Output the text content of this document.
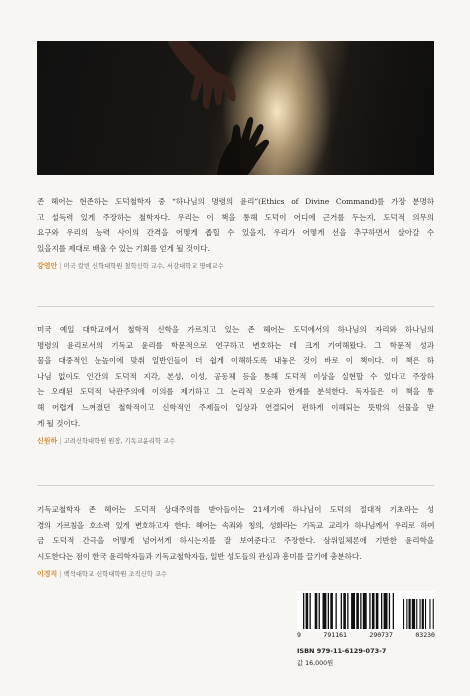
존 헤어는 현존하는 도덕철학자 중 “하나님의 명령의 윤리”(Ethics of Divine Command)를 가장 분명하
고 설득력 있게 주장하는 철학자다. 우리는 이 책을 통해 도덕이 어디에 근거를 두는지, 도덕적 의무의
요구와 우리의 능력 사이의 간격을 어떻게 좁힐 수 있을지, 우리가 어떻게 선을 추구하면서 살아갈 수
있을지를 제대로 배울 수 있는 기회를 얻게 될 것이다.

강영안 | 미국 칼빈 신학대학원 철학신학 교수, 서강대학교 명예교수

미국 예일 대학교에서 철학적 신학을 가르치고 있는 존 헤어는 도덕에서의 하나님의 자리와 하나님의
명령의 윤리로서의 기독교 윤리를 학문적으로 연구하고 변호하는 데 크게 기여해왔다. 그 학문적 성과
물을 대중적인 눈높이에 맞춰 일반인들이 더 쉽게 이해하도록 내놓은 것이 바로 이 책이다. 이 책은 하
나님 없이도 인간의 도덕적 지각, 본성, 이성, 공동체 등을 통해 도덕적 이상을 실현할 수 있다고 주장하
는 오래된 도덕적 낙관주의에 이의를 제기하고 그 논리적 모순과 한계를 분석한다. 독자들은 이 책을 통
해 어렵게 느껴졌던 철학적이고 신학적인 주제들이 일상과 연결되어 편하게 이해되는 뜻밖의 선물을 받
게 될 것이다.

신원하 | 고려신학대학원 원장, 기독교윤리학 교수

기독교철학자 존 헤어는 도덕적 상대주의를 받아들이는 21세기에 하나님이 도덕의 절대적 기초라는 성
경의 가르침을 호소력 있게 변호하고자 한다. 헤어는 속죄와 칭의, 성화라는 기독교 교리가 하나님께서 우리로 하여
금 도덕적 간극을 어떻게 넘어서게 하시는지를 잘 보여준다고 주장한다. 삼위일체론에 기반한 윤리학을
시도한다는 점이 한국 윤리학자들과 기독교철학자들, 일반 성도들의 관심과 흥미를 끌기에 충분하다.

이경직 | 백석대학교 신학대학원 조직신학 교수
9	791161	290737	03230
ISBN 979-11-6129-073-7
값 16,000원
